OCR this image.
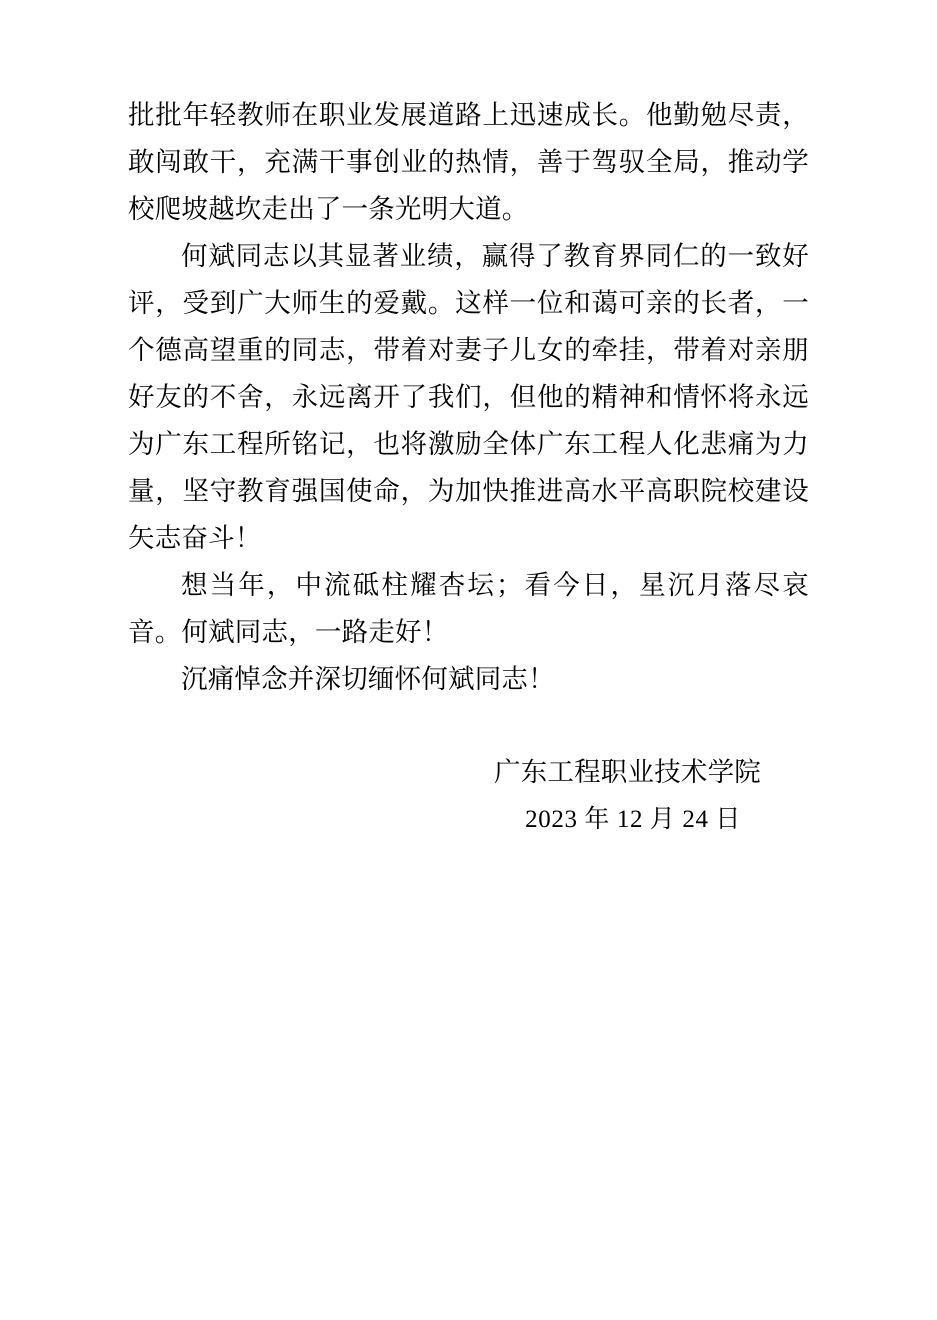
批批年轻教师在职业发展道路上迅速成长。他勤勉尽责，敢闯敢干，充满干事创业的热情，善于驾驭全局，推动学校爬坡越坎走出了一条光明大道。

何斌同志以其显著业绩，赢得了教育界同仁的一致好评，受到广大师生的爱戴。这样一位和蔼可亲的长者，一个德高望重的同志，带着对妻子儿女的牵挂，带着对亲朋好友的不舍，永远离开了我们，但他的精神和情怀将永远为广东工程所铭记，也将激励全体广东工程人化悲痛为力量，坚守教育强国使命，为加快推进高水平高职院校建设矢志奋斗！

想当年，中流砥柱耀杏坛；看今日，星沉月落尽哀音。何斌同志，一路走好！

沉痛悼念并深切缅怀何斌同志！

广东工程职业技术学院
2023 年 12 月 24 日
